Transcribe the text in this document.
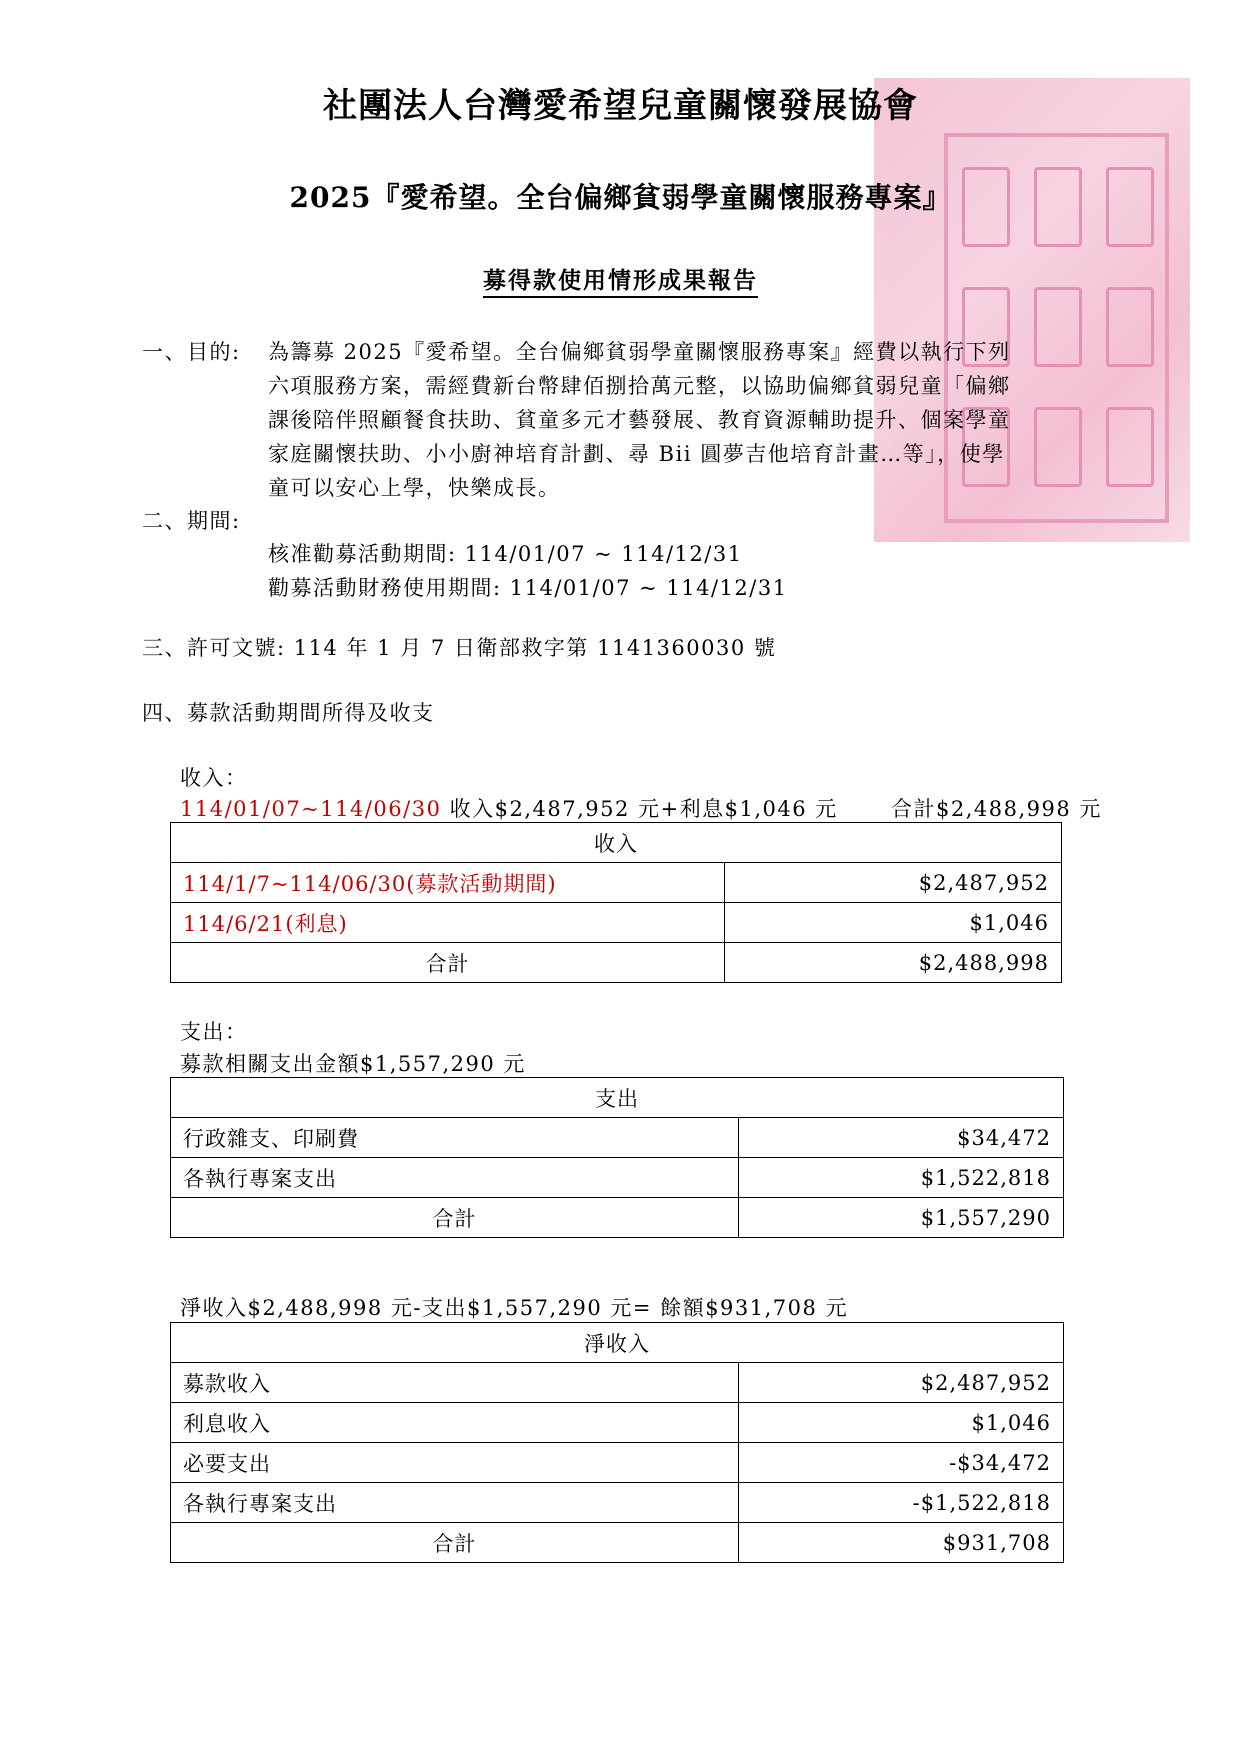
社團法人台灣愛希望兒童關懷發展協會
2025『愛希望。全台偏鄉貧弱學童關懷服務專案』
募得款使用情形成果報告
一、目的: 為籌募 2025『愛希望。全台偏鄉貧弱學童關懷服務專案』經費以執行下列
六項服務方案，需經費新台幣肆佰捌拾萬元整，以協助偏鄉貧弱兒童「偏鄉
課後陪伴照顧餐食扶助、貧童多元才藝發展、教育資源輔助提升、個案學童
家庭關懷扶助、小小廚神培育計劃、尋 Bii 圓夢吉他培育計畫…等」，使學
童可以安心上學，快樂成長。
二、期間:
核准勸募活動期間: 114/01/07 ~ 114/12/31
勸募活動財務使用期間: 114/01/07 ~ 114/12/31
三、許可文號: 114 年 1 月 7 日衛部救字第 1141360030 號
四、募款活動期間所得及收支
收入：
114/01/07~114/06/30 收入$2,487,952 元+利息$1,046 元　　 合計$2,488,998 元
收入	
114/1/7~114/06/30(募款活動期間)	$2,487,952
114/6/21(利息)	$1,046
合計	$2,488,998
支出：
募款相關支出金額$1,557,290 元
支出	
行政雜支、印刷費	$34,472
各執行專案支出	$1,522,818
合計	$1,557,290
淨收入$2,488,998 元-支出$1,557,290 元= 餘額$931,708 元
淨收入	
募款收入	$2,487,952
利息收入	$1,046
必要支出	-$34,472
各執行專案支出	-$1,522,818
合計	$931,708
